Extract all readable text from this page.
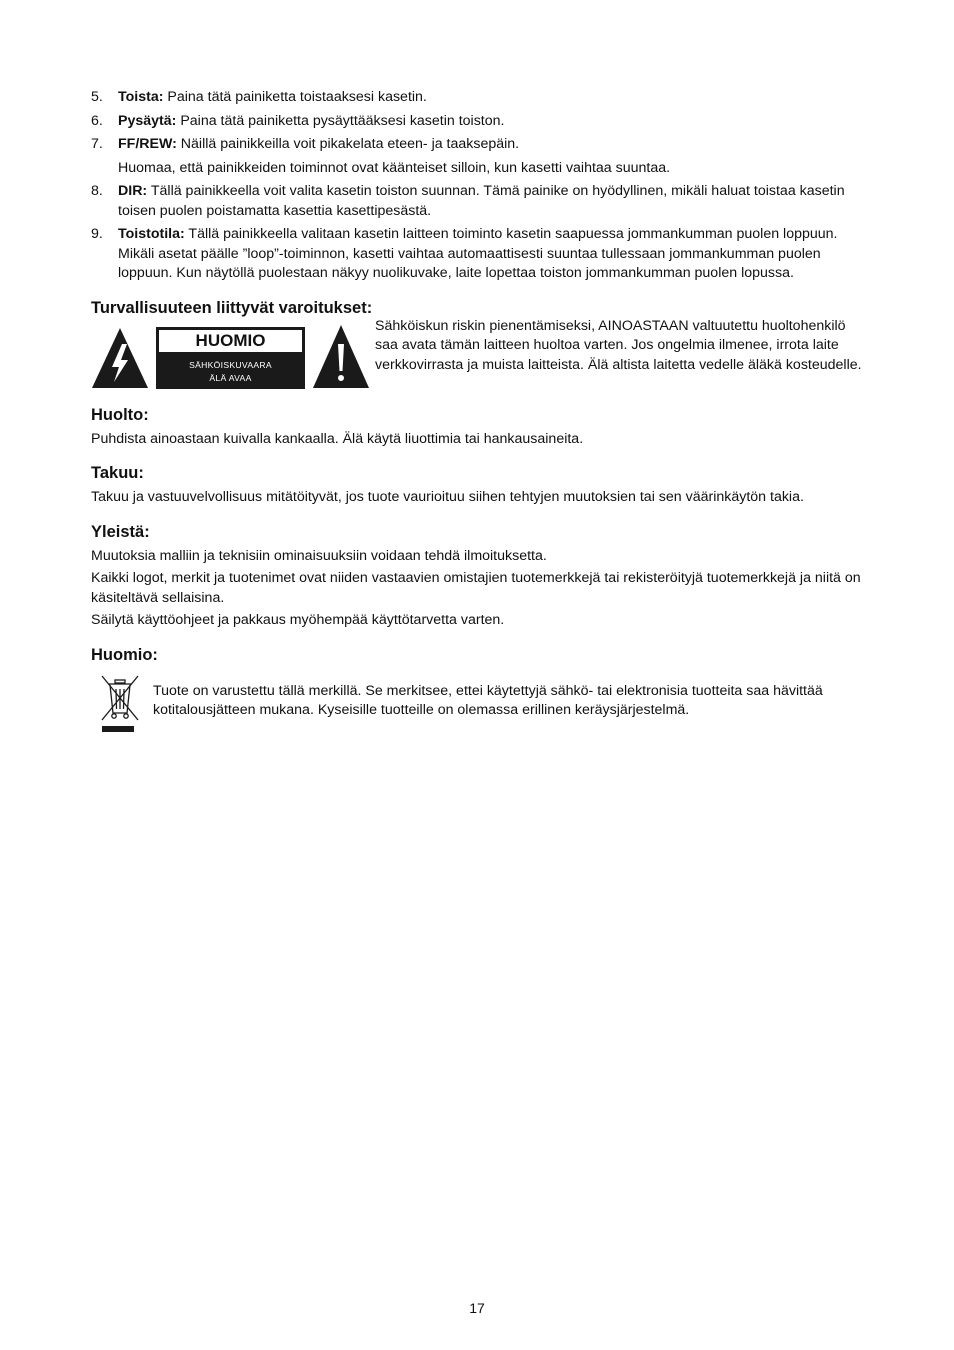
5. Toista: Paina tätä painiketta toistaaksesi kasetin.
6. Pysäytä: Paina tätä painiketta pysäyttääksesi kasetin toiston.
7. FF/REW: Näillä painikkeilla voit pikakelata eteen- ja taaksepäin.
Huomaa, että painikkeiden toiminnot ovat käänteiset silloin, kun kasetti vaihtaa suuntaa.
8. DIR: Tällä painikkeella voit valita kasetin toiston suunnan. Tämä painike on hyödyllinen, mikäli haluat toistaa kasetin toisen puolen poistamatta kasettia kasettipesästä.
9. Toistotila: Tällä painikkeella valitaan kasetin laitteen toiminto kasetin saapuessa jommankumman puolen loppuun. Mikäli asetat päälle ”loop”-toiminnon, kasetti vaihtaa automaattisesti suuntaa tullessaan jommankumman puolen loppuun. Kun näytöllä puolestaan näkyy nuolikuvake, laite lopettaa toiston jommankumman puolen lopussa.
Turvallisuuteen liittyvät varoitukset:
HUOMIO
SÄHKÖISKUVAARA
ÄLÄ AVAA

Sähköiskun riskin pienentämiseksi, AINOASTAAN valtuutettu huoltohenkilö saa avata tämän laitteen huoltoa varten. Jos ongelmia ilmenee, irrota laite verkkovirrasta ja muista laitteista. Älä altista laitetta vedelle äläkä kosteudelle.

Huolto:

Puhdista ainoastaan kuivalla kankaalla. Älä käytä liuottimia tai hankausaineita.

Takuu:

Takuu ja vastuuvelvollisuus mitätöityvät, jos tuote vaurioituu siihen tehtyjen muutoksien tai sen väärinkäytön takia.

Yleistä:

Muutoksia malliin ja teknisiin ominaisuuksiin voidaan tehdä ilmoituksetta.

Kaikki logot, merkit ja tuotenimet ovat niiden vastaavien omistajien tuotemerkkejä tai rekisteröityjä tuotemerkkejä ja niitä on käsiteltävä sellaisina.

Säilytä käyttöohjeet ja pakkaus myöhempää käyttötarvetta varten.

Huomio:

Tuote on varustettu tällä merkillä. Se merkitsee, ettei käytettyjä sähkö- tai elektronisia tuotteita saa hävittää kotitalousjätteen mukana. Kyseisille tuotteille on olemassa erillinen keräysjärjestelmä.

17
